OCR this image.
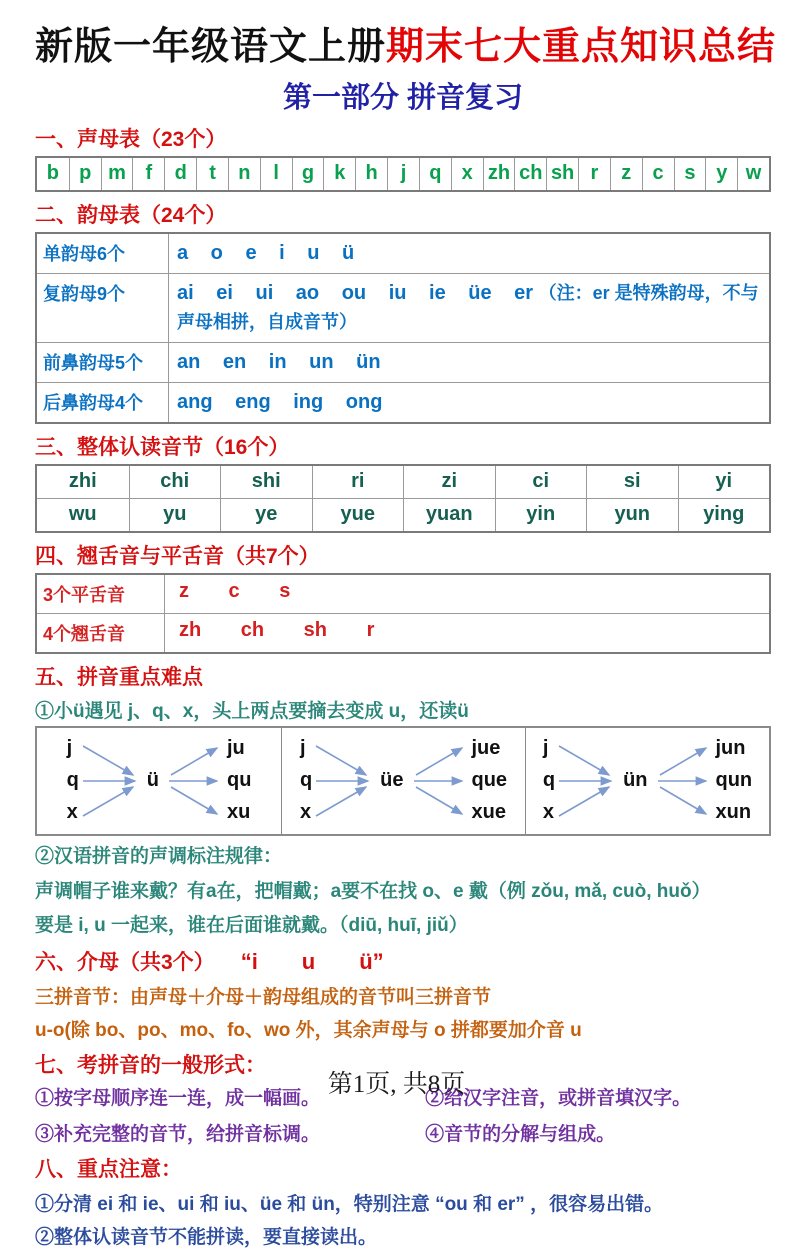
新版一年级语文上册期末七大重点知识总结
第一部分 拼音复习
一、声母表（23个）
b	p m f	d	t	n	l	g	k	h	j	q	x zh ch sh r	z	c	s	y w
二、韵母表（24个）
单韵母6个	a o e i u ü
复韵母9个	ai ei ui ao ou iu ie üe er （注：er 是特殊韵母，不与声母相拼，自成音节）
前鼻韵母5个	an en in un ün
后鼻韵母4个	ang eng ing ong
三、整体认读音节（16个）
zhi	chi	shi	ri	zi	ci	si	yi
wu	yu	ye	yue	yuan	yin	yun	ying
四、翘舌音与平舌音（共7个）
3个平舌音	z c s
4个翘舌音	zh ch sh r
五、拼音重点难点
①小ü遇见 j、q、x，头上两点要摘去变成 u，还读ü
j
q
x
ü
ju
qu
xu
j
q
x
üe
jue
que
xue
j
q
x
ün
jun
qun
xun
②汉语拼音的声调标注规律：
声调帽子谁来戴？有a在，把帽戴；a要不在找 o、e 戴（例 zǒu, mǎ, cuò, huǒ）
要是 i, u 一起来，谁在后面谁就戴。（diū, huī, jiǔ）
六、介母（共3个） “i　　u　　ü”
三拼音节：由声母＋介母＋韵母组成的音节叫三拼音节
u-o(除 bo、po、mo、fo、wo 外，其余声母与 o 拼都要加介音 u
七、考拼音的一般形式：
①按字母顺序连一连，成一幅画。	②给汉字注音，或拼音填汉字。
③补充完整的音节，给拼音标调。	④音节的分解与组成。
八、重点注意：
①分清 ei 和 ie、ui 和 iu、üe 和 ün，特别注意 “ou 和 er” ，很容易出错。
②整体认读音节不能拼读，要直接读出。
第1页, 共8页
